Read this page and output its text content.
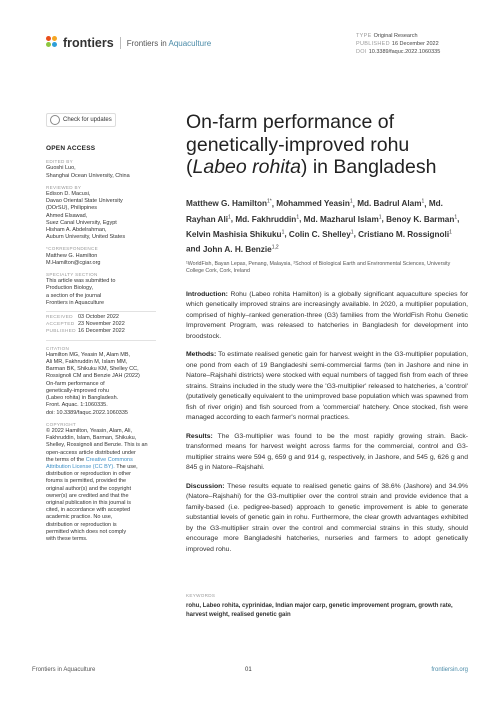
frontiers Frontiers in Aquaculture
TYPE Original Research
PUBLISHED 16 December 2022
DOI 10.3389/faquc.2022.1060335
Check for updates
OPEN ACCESS
EDITED BY
Guoshi Luo,
Shanghai Ocean University, China
REVIEWED BY
Edison D. Macusi,
Davao Oriental State University
(DOrSU), Philippines
Ahmed Elsawad,
Suez Canal University, Egypt
Hisham A. Abdelrahman,
Auburn University, United States
*CORRESPONDENCE
Matthew G. Hamilton
M.Hamilton@cgiar.org
SPECIALTY SECTION
This article was submitted to
Production Biology,
a section of the journal
Frontiers in Aquaculture
RECEIVED 03 October 2022
ACCEPTED 23 November 2022
PUBLISHED 16 December 2022
CITATION
Hamilton MG, Yeasin M, Alam MB,
Ali MR, Fakhruddin M, Islam MM,
Barman BK, Shikuku KM, Shelley CC,
Rossignoli CM and Benzie JAH (2022)
On-farm performance of
genetically-improved rohu
(Labeo rohita) in Bangladesh.
Front. Aquac. 1:1060335.
doi: 10.3389/faquc.2022.1060335
COPYRIGHT
© 2022 Hamilton, Yeasin, Alam, Ali,
Fakhruddin, Islam, Barman, Shikuku,
Shelley, Rossignoli and Benzie. This is an
open-access article distributed under
the terms of the Creative Commons
Attribution License (CC BY). The use,
distribution or reproduction in other
forums is permitted, provided the
original author(s) and the copyright
owner(s) are credited and that the
original publication in this journal is
cited, in accordance with accepted
academic practice. No use,
distribution or reproduction is
permitted which does not comply
with these terms.
On-farm performance of
genetically-improved rohu
(Labeo rohita) in Bangladesh
Matthew G. Hamilton$^{1*}$, Mohammed Yeasin$^1$, Md. Badrul Alam$^1$, Md. Rayhan Ali$^1$, Md. Fakhruddin$^1$, Md. Mazharul Islam$^1$, Benoy K. Barman$^1$, Kelvin Mashisia Shikuku$^1$, Colin C. Shelley$^1$, Cristiano M. Rossignoli$^1$ and John A. H. Benzie$^{1,2}$
¹WorldFish, Bayan Lepas, Penang, Malaysia, ²School of Biological Earth and Environmental Sciences, University College Cork, Cork, Ireland

Introduction: Rohu (Labeo rohita Hamilton) is a globally significant aquaculture species for which genetically improved strains are increasingly available. In 2020, a multiplier population, comprised of highly–ranked generation-three (G3) families from the WorldFish Rohu Genetic Improvement Program, was released to hatcheries in Bangladesh for development into broodstock.

Methods: To estimate realised genetic gain for harvest weight in the G3-multiplier population, one pond from each of 19 Bangladeshi semi-commercial farms (ten in Jashore and nine in Natore–Rajshahi districts) were stocked with equal numbers of tagged fish from each of three strains. Strains included in the study were the 'G3-multiplier' released to hatcheries, a 'control' (putatively genetically equivalent to the unimproved base population which was spawned from fish of river origin) and fish sourced from a 'commercial' hatchery. Once stocked, fish were managed according to each farmer's normal practices.

Results: The G3-multiplier was found to be the most rapidly growing strain. Back-transformed means for harvest weight across farms for the commercial, control and G3-multiplier strains were 594 g, 659 g and 914 g, respectively, in Jashore, and 545 g, 626 g and 845 g in Natore–Rajshahi.

Discussion: These results equate to realised genetic gains of 38.6% (Jashore) and 34.9% (Natore–Rajshahi) for the G3-multiplier over the control strain and provide evidence that a family-based (i.e. pedigree-based) approach to genetic improvement is able to generate substantial levels of genetic gain in rohu. Furthermore, the clear growth advantages exhibited by the G3-multiplier strain over the control and commercial strains in this study, should encourage more Bangladeshi hatcheries, nurseries and farmers to adopt genetically improved rohu.

KEYWORDS
rohu, Labeo rohita, cyprinidae, Indian major carp, genetic improvement program, growth rate, harvest weight, realised genetic gain
Frontiers in Aquaculture	01	frontiersin.org
